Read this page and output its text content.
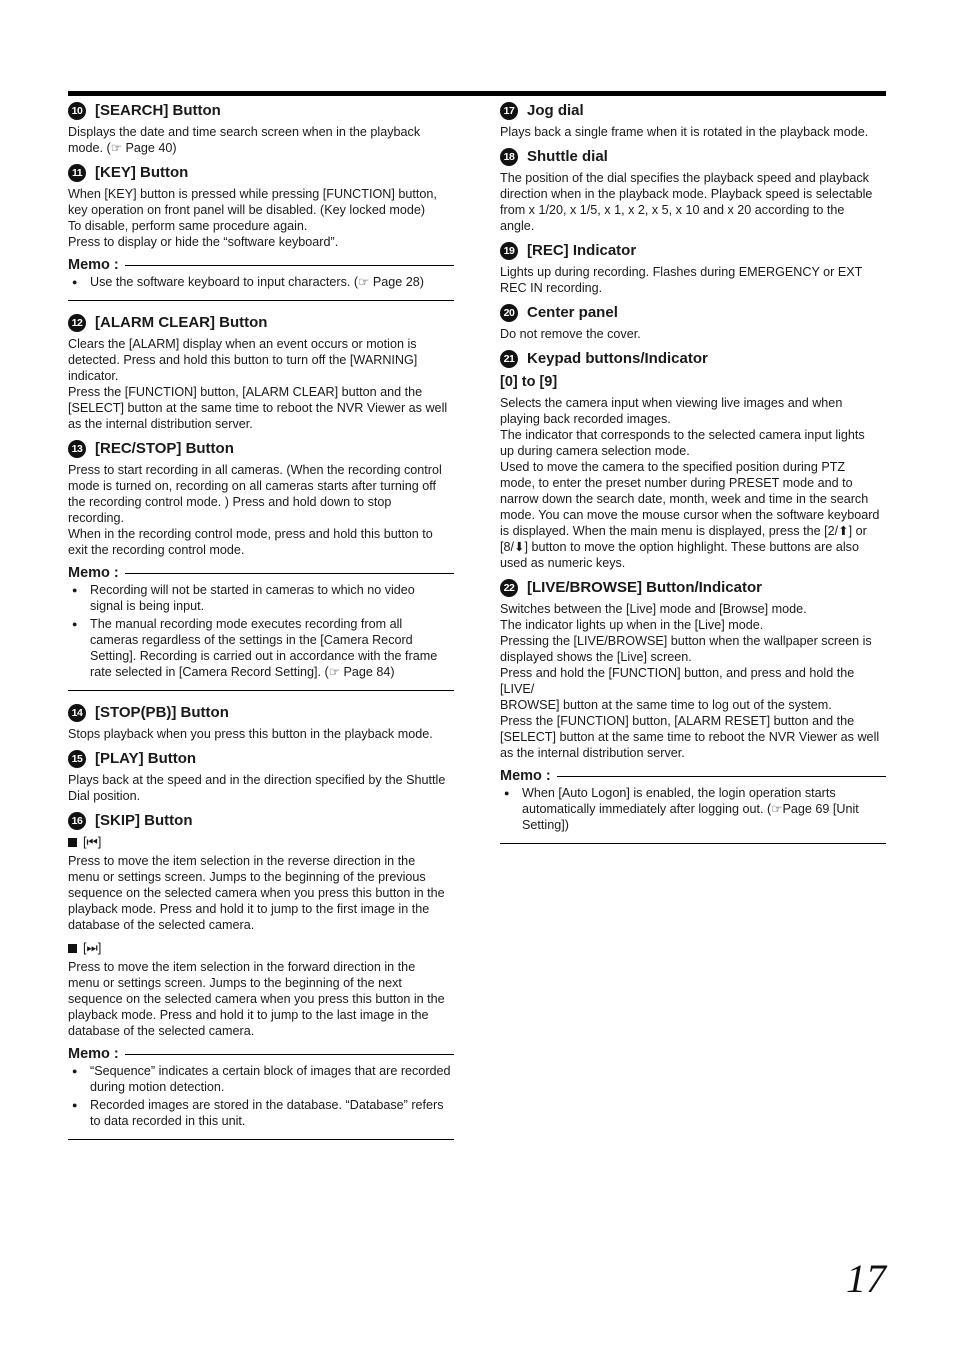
10 [SEARCH] Button
Displays the date and time search screen when in the playback
mode. (☞ Page 40)
11 [KEY] Button
When [KEY] button is pressed while pressing [FUNCTION] button,
key operation on front panel will be disabled. (Key locked mode)
To disable, perform same procedure again.
Press to display or hide the “software keyboard”.
Memo :
● Use the software keyboard to input characters. (☞ Page 28)
12 [ALARM CLEAR] Button
Clears the [ALARM] display when an event occurs or motion is
detected. Press and hold this button to turn off the [WARNING]
indicator.
Press the [FUNCTION] button, [ALARM CLEAR] button and the
[SELECT] button at the same time to reboot the NVR Viewer as well
as the internal distribution server.
13 [REC/STOP] Button
Press to start recording in all cameras. (When the recording control
mode is turned on, recording on all cameras starts after turning off
the recording control mode. ) Press and hold down to stop
recording.
When in the recording control mode, press and hold this button to
exit the recording control mode.
Memo :
● Recording will not be started in cameras to which no video
signal is being input.
● The manual recording mode executes recording from all
cameras regardless of the settings in the [Camera Record
Setting]. Recording is carried out in accordance with the frame
rate selected in [Camera Record Setting]. (☞ Page 84)
14 [STOP(PB)] Button
Stops playback when you press this button in the playback mode.
15 [PLAY] Button
Plays back at the speed and in the direction specified by the Shuttle
Dial position.
16 [SKIP] Button
[⏮]
Press to move the item selection in the reverse direction in the
menu or settings screen. Jumps to the beginning of the previous
sequence on the selected camera when you press this button in the
playback mode. Press and hold it to jump to the first image in the
database of the selected camera.
[⏭]
Press to move the item selection in the forward direction in the
menu or settings screen. Jumps to the beginning of the next
sequence on the selected camera when you press this button in the
playback mode. Press and hold it to jump to the last image in the
database of the selected camera.
Memo :
● “Sequence” indicates a certain block of images that are recorded
during motion detection.
● Recorded images are stored in the database. “Database” refers
to data recorded in this unit.
17 Jog dial
Plays back a single frame when it is rotated in the playback mode.
18 Shuttle dial
The position of the dial specifies the playback speed and playback
direction when in the playback mode. Playback speed is selectable
from x 1/20, x 1/5, x 1, x 2, x 5, x 10 and x 20 according to the
angle.
19 [REC] Indicator
Lights up during recording. Flashes during EMERGENCY or EXT
REC IN recording.
20 Center panel
Do not remove the cover.
21 Keypad buttons/Indicator
[0] to [9]
Selects the camera input when viewing live images and when
playing back recorded images.
The indicator that corresponds to the selected camera input lights
up during camera selection mode.
Used to move the camera to the specified position during PTZ
mode, to enter the preset number during PRESET mode and to
narrow down the search date, month, week and time in the search
mode. You can move the mouse cursor when the software keyboard
is displayed. When the main menu is displayed, press the [2/⬆] or
[8/⬇] button to move the option highlight. These buttons are also
used as numeric keys.
22 [LIVE/BROWSE] Button/Indicator
Switches between the [Live] mode and [Browse] mode.
The indicator lights up when in the [Live] mode.
Pressing the [LIVE/BROWSE] button when the wallpaper screen is
displayed shows the [Live] screen.
Press and hold the [FUNCTION] button, and press and hold the [LIVE/
BROWSE] button at the same time to log out of the system.
Press the [FUNCTION] button, [ALARM RESET] button and the
[SELECT] button at the same time to reboot the NVR Viewer as well
as the internal distribution server.
Memo :
● When [Auto Logon] is enabled, the login operation starts
automatically immediately after logging out. (☞Page 69 [Unit
Setting])
17
